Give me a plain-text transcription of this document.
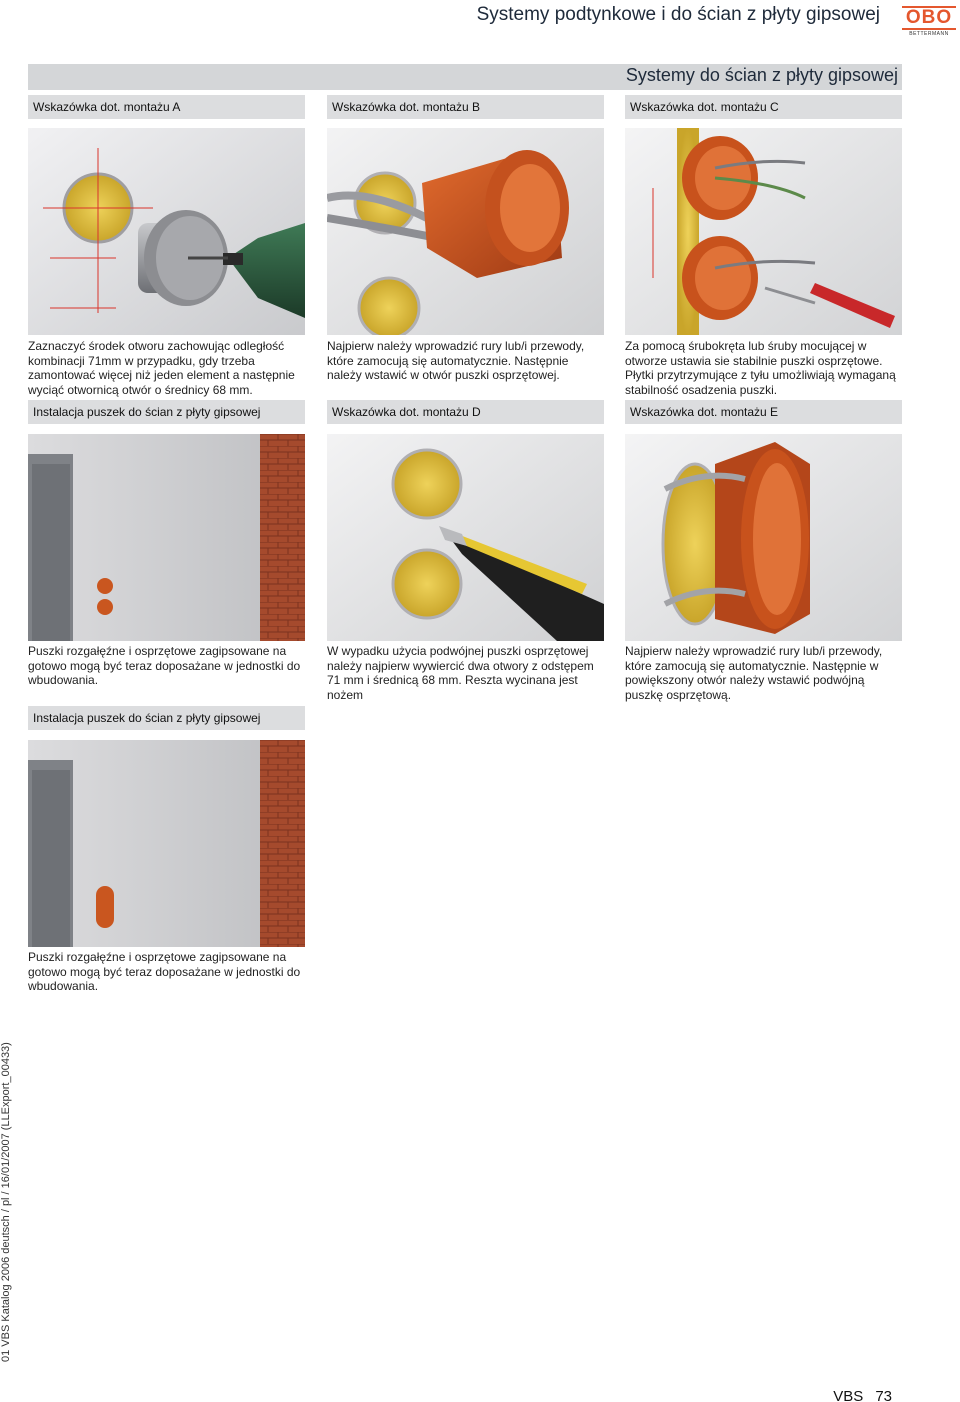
Systemy podtynkowe i do ścian z płyty gipsowej OBO
BETTERMANN
Systemy do ścian z płyty gipsowej
Wskazówka dot. montażu A	Wskazówka dot. montażu B	Wskazówka dot. montażu C
Zaznaczyć środek otworu zachowując odległość kombinacji 71mm w przypadku, gdy trzeba zamontować więcej niż jeden element a następnie wyciąć otwornicą otwór o średnicy 68 mm.
Najpierw należy wprowadzić rury lub/i przewody, które zamocują się automatycznie. Następnie należy wstawić w otwór puszki osprzętowej.
Za pomocą śrubokręta lub śruby mocującej w otworze ustawia sie stabilnie puszki osprzętowe. Płytki przytrzymujące z tyłu umożliwiają wymaganą stabilność osadzenia puszki.
Instalacja puszek do ścian z płyty gipsowej	Wskazówka dot. montażu D	Wskazówka dot. montażu E
Puszki rozgałęźne i osprzętowe zagipsowane na gotowo mogą być teraz doposażane w jednostki do wbudowania.
W wypadku użycia podwójnej puszki osprzętowej należy najpierw wywiercić dwa otwory z odstępem 71 mm i średnicą 68 mm. Reszta wycinana jest nożem
Najpierw należy wprowadzić rury lub/i przewody, które zamocują się automatycznie. Następnie w powiększony otwór należy wstawić podwójną puszkę osprzętową.
Instalacja puszek do ścian z płyty gipsowej
Puszki rozgałęźne i osprzętowe zagipsowane na gotowo mogą być teraz doposażane w jednostki do wbudowania.
01 VBS Katalog 2006 deutsch / pl / 16/01/2007 (LLExport_00433)
VBS 73
